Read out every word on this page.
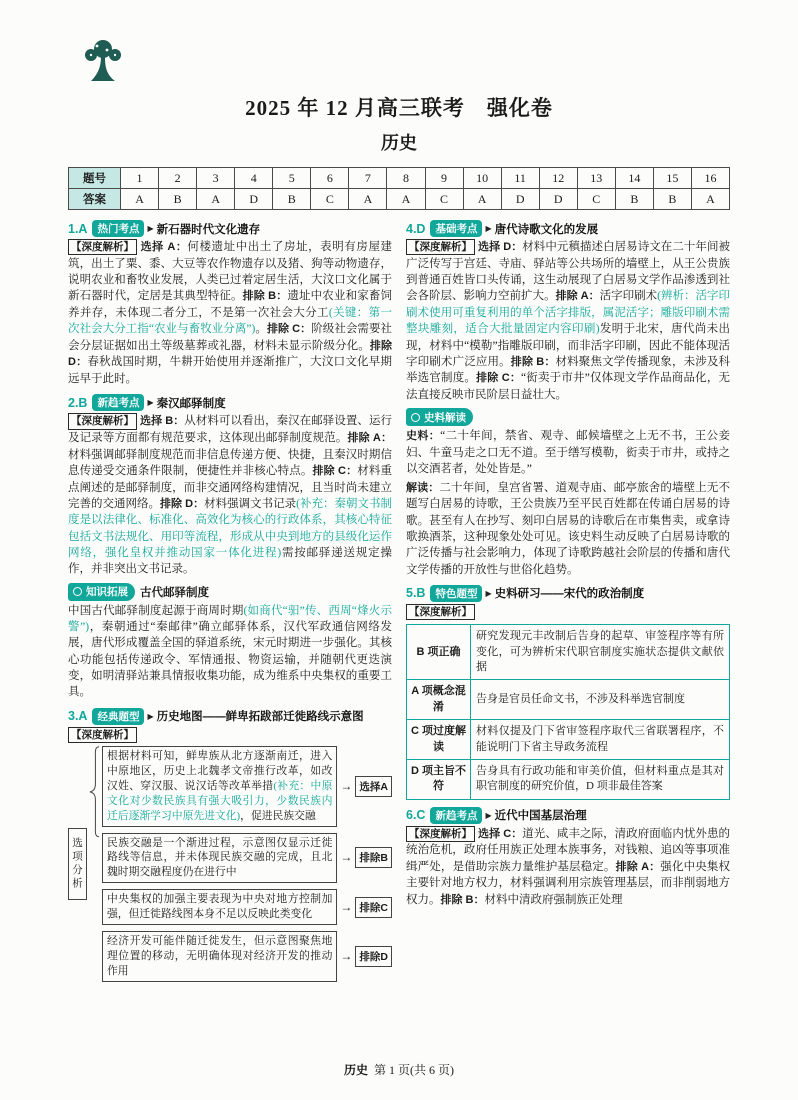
2025 年 12 月高三联考　强化卷
历史
题号	1	2	3	4	5	6	7	8	9	10	11	12	13	14	15	16
答案	A	B	A	D	B	C	A	A	C	A	D	D	C	B	B	A
1.A 热门考点	▶ 新石器时代文化遗存
【深度解析】 选择 A：何楼遗址中出土了房址，表明有房屋建筑，出土了粟、黍、大豆等农作物遗存以及猪、狗等动物遗存，说明农业和畜牧业发展，人类已过着定居生活，大汶口文化属于新石器时代，定居是其典型特征。排除 B：遗址中农业和家畜饲养并存，未体现二者分工，不是第一次社会大分工(关键：第一次社会大分工指“农业与畜牧业分离”)。排除 C：阶级社会需要社会分层证据如出土等级墓葬或礼器，材料未显示阶级分化。排除 D：春秋战国时期，牛耕开始使用并逐渐推广，大汶口文化早期远早于此时。
2.B 新趋考点	▶ 秦汉邮驿制度
【深度解析】 选择 B：从材料可以看出，秦汉在邮驿设置、运行及记录等方面都有规范要求，这体现出邮驿制度规范。排除 A：材料强调邮驿制度规范而非信息传递方便、快捷，且秦汉时期信息传递受交通条件限制，便捷性并非核心特点。排除 C：材料重点阐述的是邮驿制度，而非交通网络构建情况，且当时尚未建立完善的交通网络。排除 D：材料强调文书记录(补充：秦朝文书制度是以法律化、标准化、高效化为核心的行政体系，其核心特征包括文书法规化、用印等流程，形成从中央到地方的县级化运作网络，强化皇权并推动国家一体化进程)需按邮驿递送规定操作，并非突出文书记录。
知识拓展 古代邮驿制度
中国古代邮驿制度起源于商周时期(如商代“驲”传、西周“烽火示警”)，秦朝通过“秦邮律”确立邮驿体系，汉代军政通信网络发展，唐代形成覆盖全国的驿道系统，宋元时期进一步强化。其核心功能包括传递政令、军情通报、物资运输，并随朝代更迭演变，如明清驿站兼具情报收集功能，成为维系中央集权的重要工具。
3.A 经典题型	▶ 历史地图——鲜卑拓跋部迁徙路线示意图
【深度解析】
选项分析
根据材料可知，鲜卑族从北方逐渐南迁，进入中原地区，历史上北魏孝文帝推行改革，如改汉姓、穿汉服、说汉话等改革举措(补充：中原文化对少数民族具有强大吸引力，少数民族内迁后逐渐学习中原先进文化)，促进民族交融
→ 选择A
民族交融是一个渐进过程，示意图仅显示迁徙路线等信息，并未体现民族交融的完成，且北魏时期交融程度仍在进行中
→ 排除B
中央集权的加强主要表现为中央对地方控制加强，但迁徙路线图本身不足以反映此类变化
→ 排除C
经济开发可能伴随迁徙发生，但示意图聚焦地理位置的移动，无明确体现对经济开发的推动作用
→ 排除D
4.D 基础考点	▶ 唐代诗歌文化的发展
【深度解析】 选择 D：材料中元稹描述白居易诗文在二十年间被广泛传写于宫廷、寺庙、驿站等公共场所的墙壁上，从王公贵族到普通百姓皆口头传诵，这生动展现了白居易文学作品渗透到社会各阶层、影响力空前扩大。排除 A：活字印刷术(辨析：活字印刷术使用可重复利用的单个活字排版，属泥活字；雕版印刷术需整块雕刻，适合大批量固定内容印刷)发明于北宋，唐代尚未出现，材料中“模勒”指雕版印刷，而非活字印刷，因此不能体现活字印刷术广泛应用。排除 B：材料聚焦文学传播现象，未涉及科举选官制度。排除 C：“衒卖于市井”仅体现文学作品商品化，无法直接反映市民阶层日益壮大。
史料解读
史料：“二十年间，禁省、观寺、邮候墙壁之上无不书，王公妾妇、牛童马走之口无不道。至于缮写模勒，衒卖于市井，或持之以交酒茗者，处处皆是。”
解读：二十年间，皇宫省署、道观寺庙、邮亭旅舍的墙壁上无不题写白居易的诗歌，王公贵族乃至平民百姓都在传诵白居易的诗歌。甚至有人在抄写、刻印白居易的诗歌后在市集售卖，或拿诗歌换酒茶，这种现象处处可见。该史料生动反映了白居易诗歌的广泛传播与社会影响力，体现了诗歌跨越社会阶层的传播和唐代文学传播的开放性与世俗化趋势。
5.B 特色题型	▶ 史料研习——宋代的政治制度
【深度解析】
B 项正确	研究发现元丰改制后告身的起草、审签程序等有所变化，可为辨析宋代职官制度实施状态提供文献依据
A 项概念混淆	告身是官员任命文书，不涉及科举选官制度
C 项过度解读	材料仅提及门下省审签程序取代三省联署程序，不能说明门下省主导政务流程
D 项主旨不符	告身具有行政功能和审美价值，但材料重点是其对职官制度的研究价值，D 项非最佳答案
6.C 新趋考点	▶ 近代中国基层治理
【深度解析】 选择 C：道光、咸丰之际，清政府面临内忧外患的统治危机，政府任用族正处理本族事务，对钱粮、追凶等事项准缉严处，是借助宗族力量维护基层稳定。排除 A：强化中央集权主要针对地方权力，材料强调利用宗族管理基层，而非削弱地方权力。排除 B：材料中清政府强制族正处理
历史 第 1 页(共 6 页)
